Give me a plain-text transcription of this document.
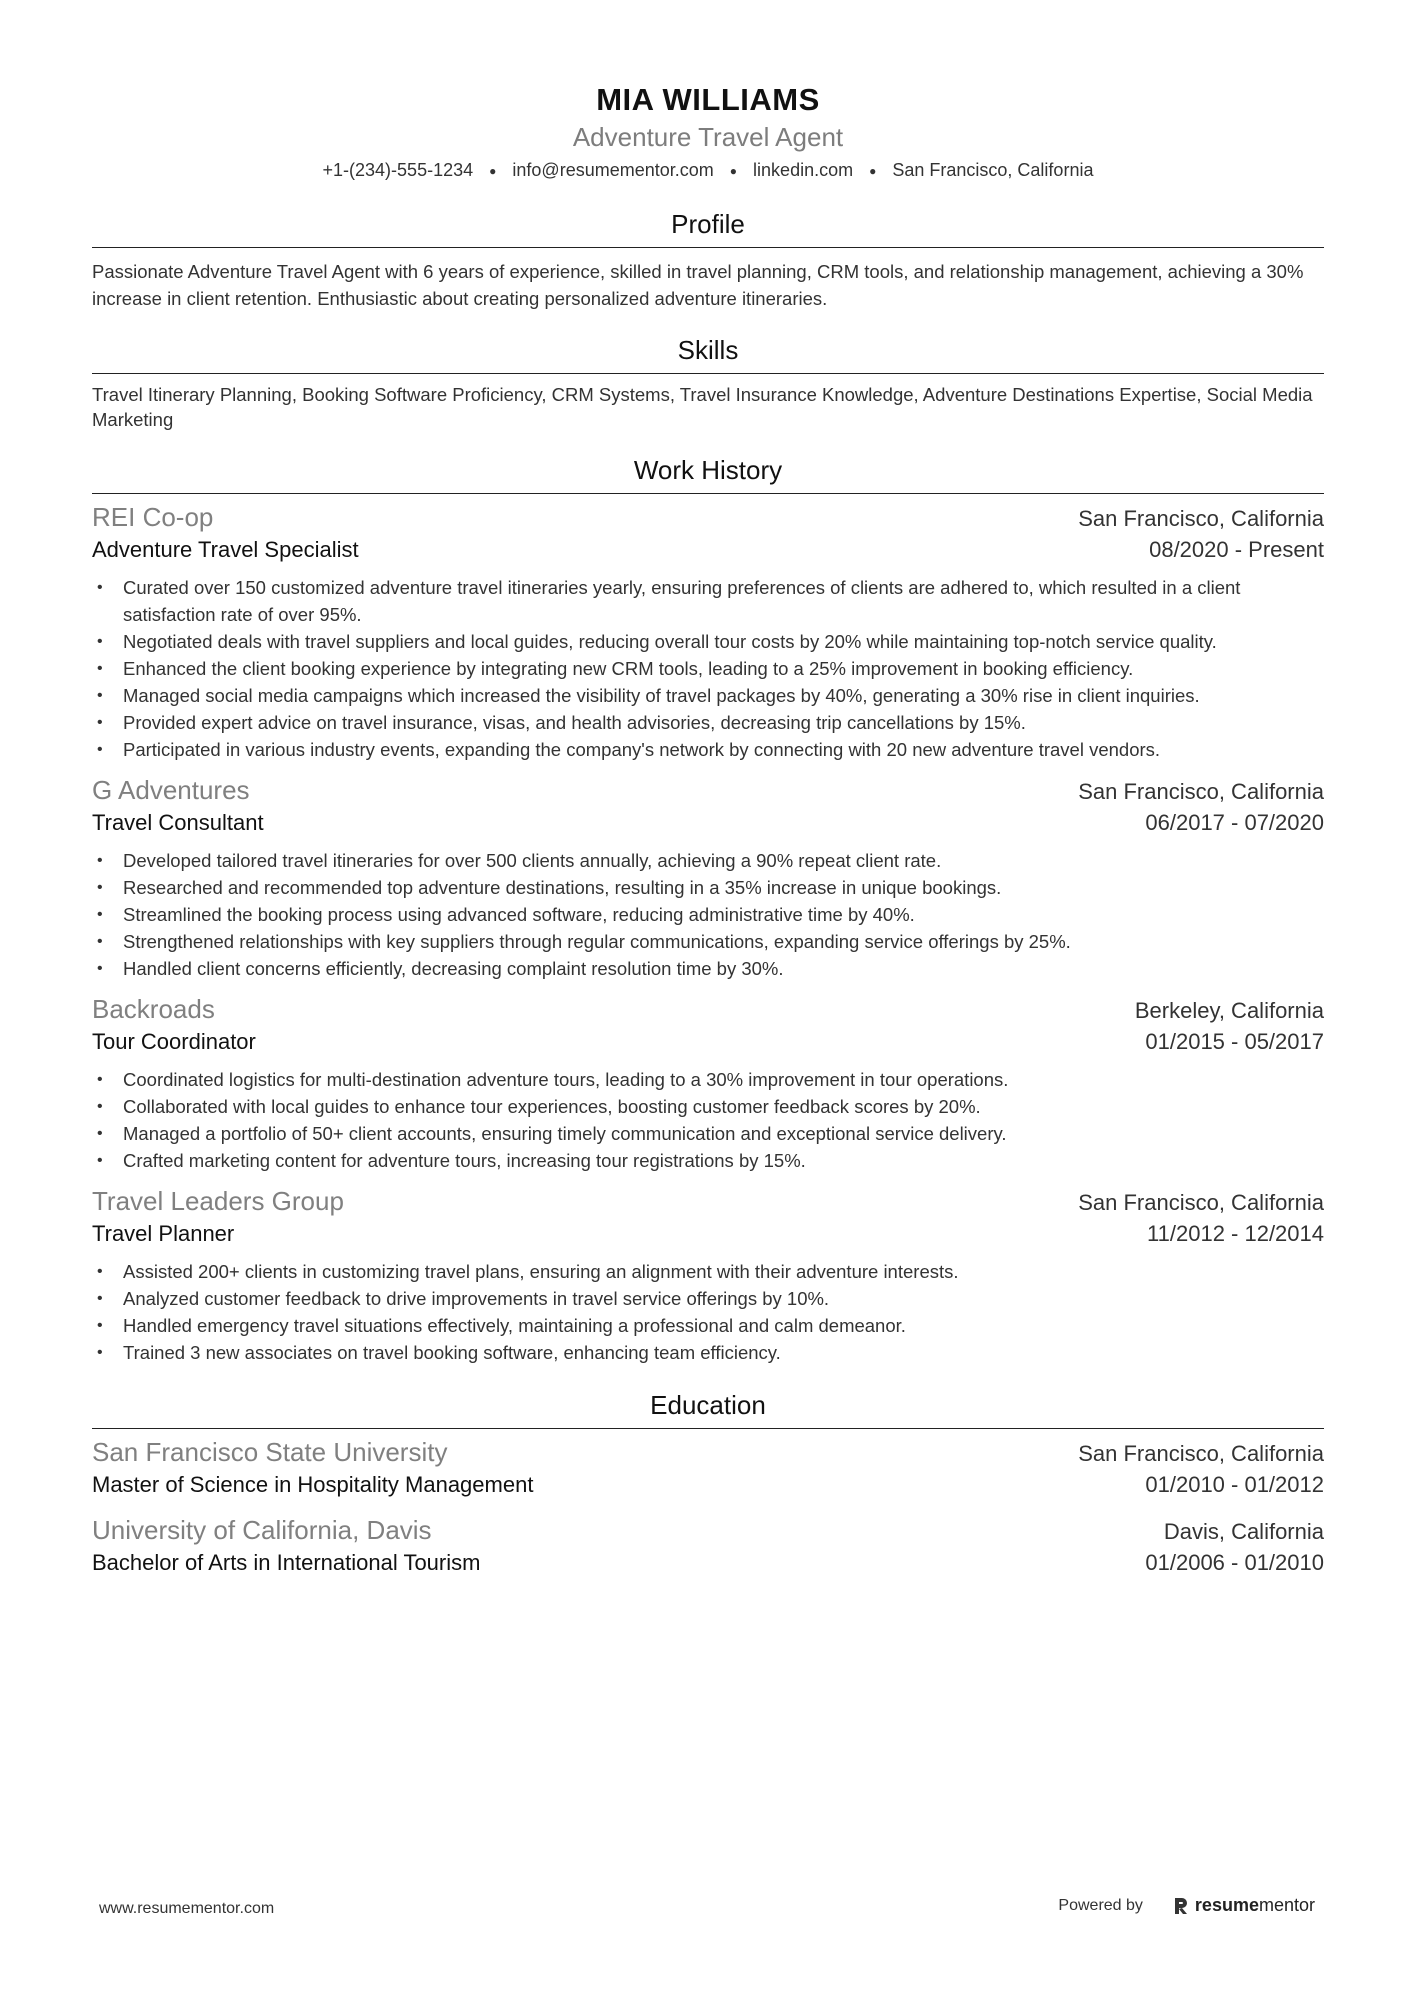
MIA WILLIAMS
Adventure Travel Agent
+1-(234)-555-1234 ● info@resumementor.com ● linkedin.com ● San Francisco, California
Profile
Passionate Adventure Travel Agent with 6 years of experience, skilled in travel planning, CRM tools, and relationship management, achieving a 30% increase in client retention. Enthusiastic about creating personalized adventure itineraries.
Skills
Travel Itinerary Planning, Booking Software Proficiency, CRM Systems, Travel Insurance Knowledge, Adventure Destinations Expertise, Social Media Marketing
Work History
REI Co-op	San Francisco, California
Adventure Travel Specialist	08/2020 - Present
• Curated over 150 customized adventure travel itineraries yearly, ensuring preferences of clients are adhered to, which resulted in a client satisfaction rate of over 95%.
• Negotiated deals with travel suppliers and local guides, reducing overall tour costs by 20% while maintaining top-notch service quality.
• Enhanced the client booking experience by integrating new CRM tools, leading to a 25% improvement in booking efficiency.
• Managed social media campaigns which increased the visibility of travel packages by 40%, generating a 30% rise in client inquiries.
• Provided expert advice on travel insurance, visas, and health advisories, decreasing trip cancellations by 15%.
• Participated in various industry events, expanding the company's network by connecting with 20 new adventure travel vendors.
G Adventures	San Francisco, California
Travel Consultant	06/2017 - 07/2020
• Developed tailored travel itineraries for over 500 clients annually, achieving a 90% repeat client rate.
• Researched and recommended top adventure destinations, resulting in a 35% increase in unique bookings.
• Streamlined the booking process using advanced software, reducing administrative time by 40%.
• Strengthened relationships with key suppliers through regular communications, expanding service offerings by 25%.
• Handled client concerns efficiently, decreasing complaint resolution time by 30%.
Backroads	Berkeley, California
Tour Coordinator	01/2015 - 05/2017
• Coordinated logistics for multi-destination adventure tours, leading to a 30% improvement in tour operations.
• Collaborated with local guides to enhance tour experiences, boosting customer feedback scores by 20%.
• Managed a portfolio of 50+ client accounts, ensuring timely communication and exceptional service delivery.
• Crafted marketing content for adventure tours, increasing tour registrations by 15%.
Travel Leaders Group	San Francisco, California
Travel Planner	11/2012 - 12/2014
• Assisted 200+ clients in customizing travel plans, ensuring an alignment with their adventure interests.
• Analyzed customer feedback to drive improvements in travel service offerings by 10%.
• Handled emergency travel situations effectively, maintaining a professional and calm demeanor.
• Trained 3 new associates on travel booking software, enhancing team efficiency.
Education
San Francisco State University	San Francisco, California
Master of Science in Hospitality Management	01/2010 - 01/2012
University of California, Davis	Davis, California
Bachelor of Arts in International Tourism	01/2006 - 01/2010
www.resumementor.com	Powered by	resume mentor
